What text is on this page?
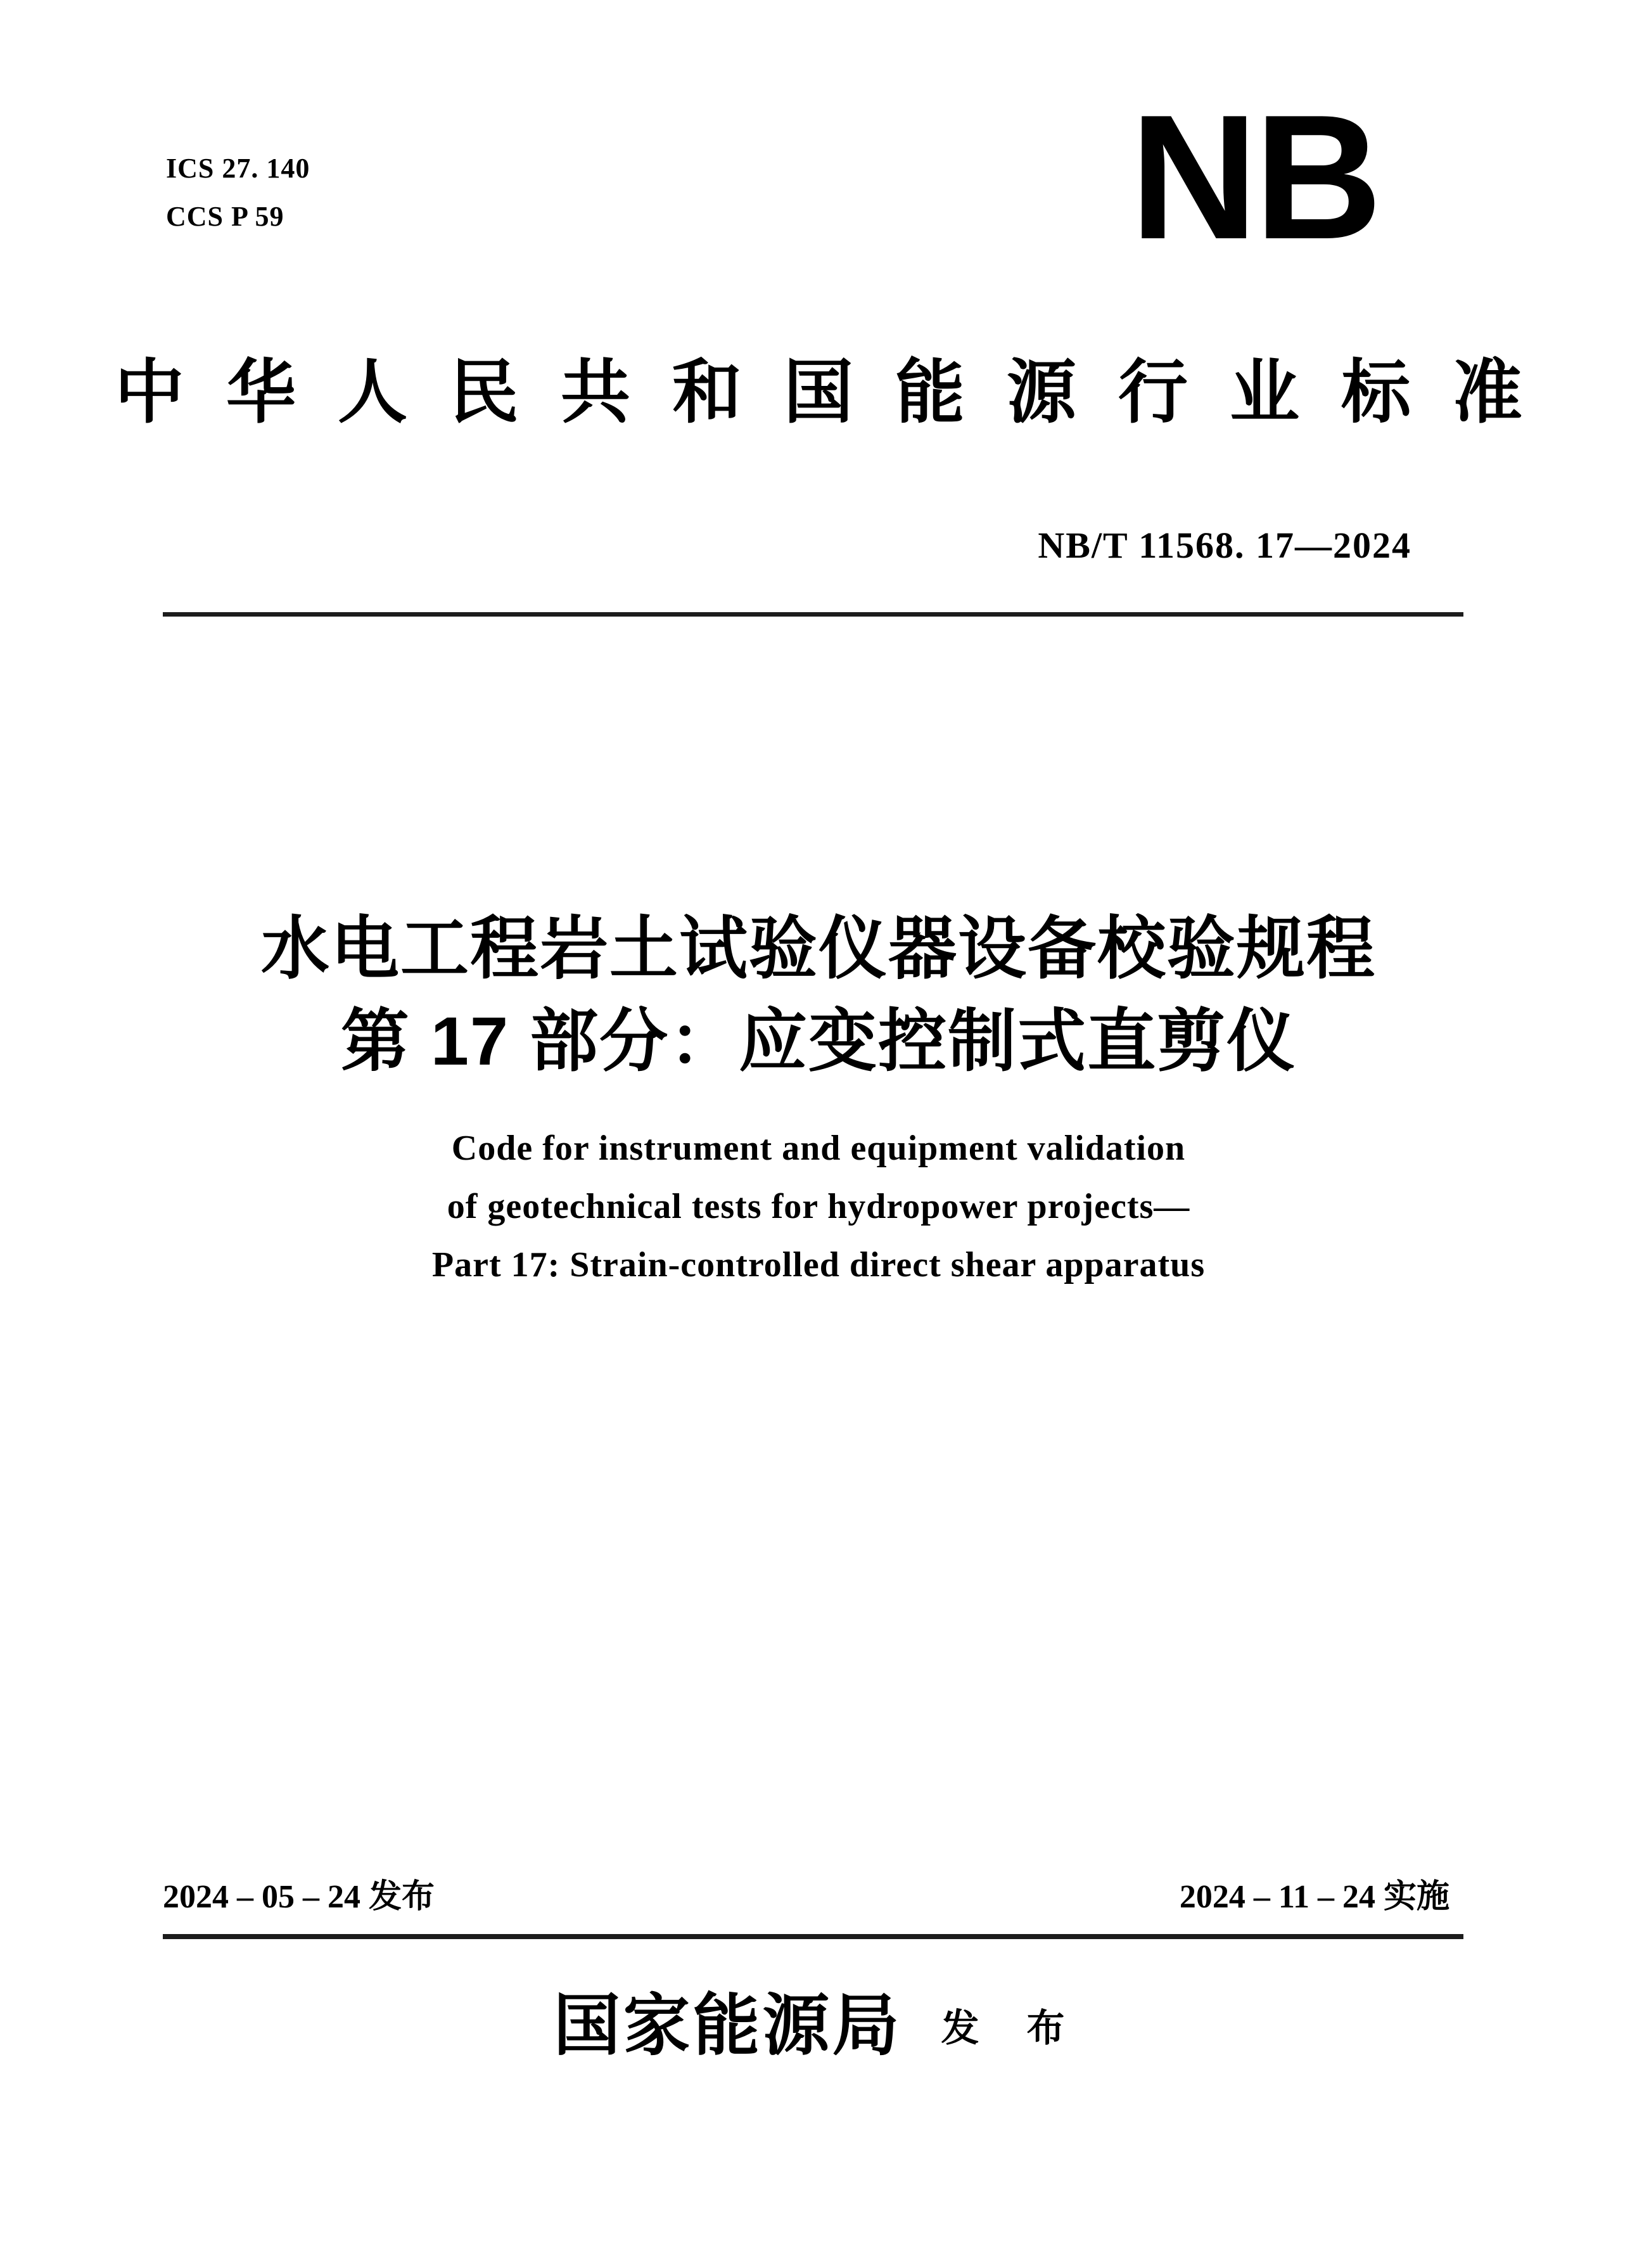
ICS 27. 140
CCS P 59	NB
中华人民共和国能源行业标准
NB/T 11568. 17—2024
水电工程岩土试验仪器设备校验规程
第 17 部分：应变控制式直剪仪
Code for instrument and equipment validation
of geotechnical tests for hydropower projects—
Part 17: Strain-controlled direct shear apparatus
2024 – 05 – 24 发布	2024 – 11 – 24 实施
国家能源局 发 布
